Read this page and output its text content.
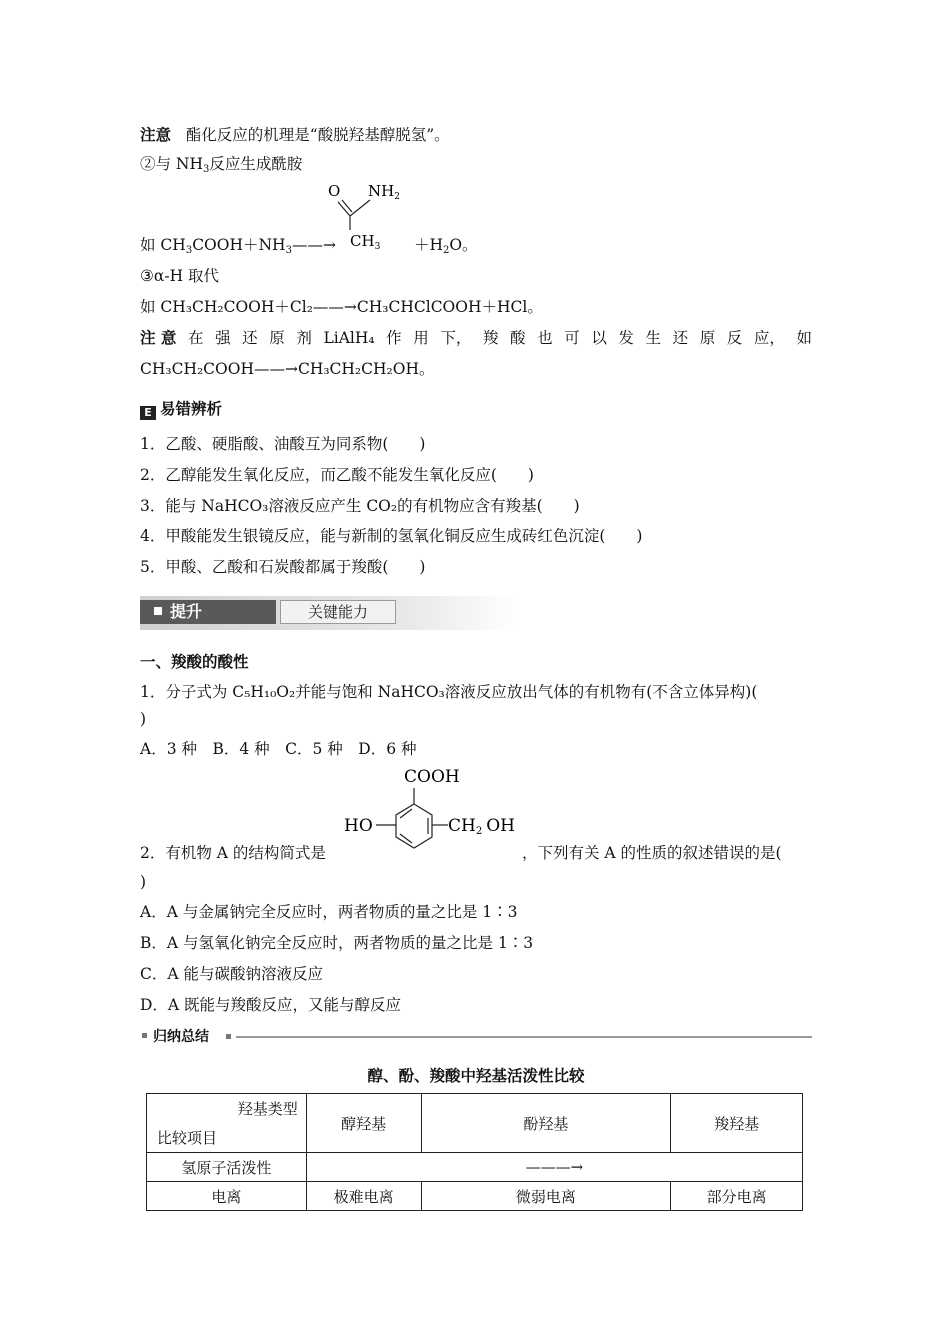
注意 酯化反应的机理是“酸脱羟基醇脱氢”。
②与 $NH_3$反应生成酰胺
O $NH_2$
$CH_3$
如 $CH_3COOH+NH_3——\to$	$+H_2O$。
③α-H 取代
如 CH₃CH₂COOH＋Cl₂——→CH₃CHClCOOH＋HCl。
注 意 在 强 还 原 剂 LiAlH₄ 作 用 下， 羧 酸 也 可 以 发 生 还 原 反 应， 如
CH₃CH₂COOH——→CH₃CH₂CH₂OH。
E 易错辨析
1．乙酸、硬脂酸、油酸互为同系物(　　)
2．乙醇能发生氧化反应，而乙酸不能发生氧化反应(　　)
3．能与 NaHCO₃溶液反应产生 CO₂的有机物应含有羧基(　　)
4．甲酸能发生银镜反应，能与新制的氢氧化铜反应生成砖红色沉淀(　　)
5．甲酸、乙酸和石炭酸都属于羧酸(　　)
提升	关键能力
一、羧酸的酸性
1．分子式为 C₅H₁₀O₂并能与饱和 NaHCO₃溶液反应放出气体的有机物有(不含立体异构)(
)
A．3 种　B．4 种　C．5 种　D．6 种
COOH
HO	CH2 OH
2．有机物 A 的结构简式是	，下列有关 A 的性质的叙述错误的是(
)
A．A 与金属钠完全反应时，两者物质的量之比是 1∶3
B．A 与氢氧化钠完全反应时，两者物质的量之比是 1∶3
C．A 能与碳酸钠溶液反应
D．A 既能与羧酸反应，又能与醇反应
归纳总结
醇、酚、羧酸中羟基活泼性比较
羟基类型
比较项目	醇羟基	酚羟基	羧羟基
氢原子活泼性	———→		
电离	极难电离	微弱电离	部分电离
